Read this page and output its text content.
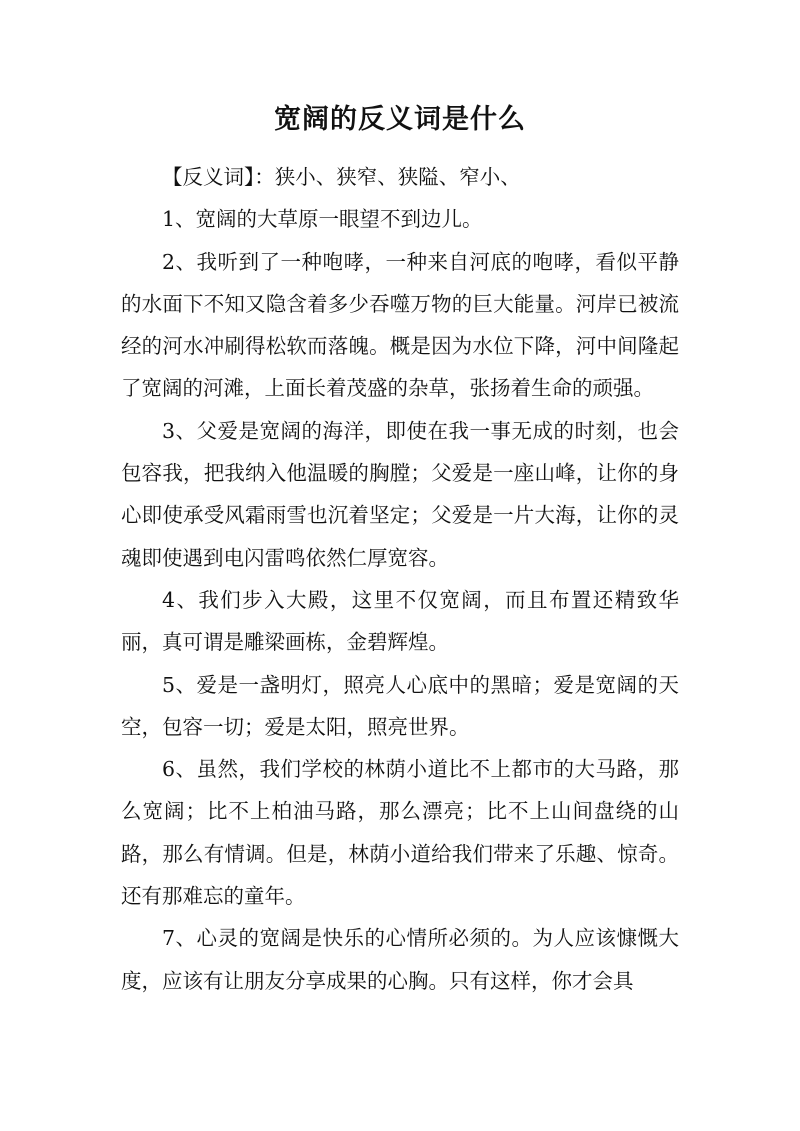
宽阔的反义词是什么

【反义词】：狭小、狭窄、狭隘、窄小、

1、宽阔的大草原一眼望不到边儿。

2、我听到了一种咆哮，一种来自河底的咆哮，看似平静的水面下不知又隐含着多少吞噬万物的巨大能量。河岸已被流经的河水冲刷得松软而落魄。概是因为水位下降，河中间隆起了宽阔的河滩，上面长着茂盛的杂草，张扬着生命的顽强。

3、父爱是宽阔的海洋，即使在我一事无成的时刻，也会包容我，把我纳入他温暖的胸膛；父爱是一座山峰，让你的身心即使承受风霜雨雪也沉着坚定；父爱是一片大海，让你的灵魂即使遇到电闪雷鸣依然仁厚宽容。

4、我们步入大殿，这里不仅宽阔，而且布置还精致华丽，真可谓是雕梁画栋，金碧辉煌。

5、爱是一盏明灯，照亮人心底中的黑暗；爱是宽阔的天空，包容一切；爱是太阳，照亮世界。

6、虽然，我们学校的林荫小道比不上都市的大马路，那么宽阔；比不上柏油马路，那么漂亮；比不上山间盘绕的山路，那么有情调。但是，林荫小道给我们带来了乐趣、惊奇。还有那难忘的童年。

7、心灵的宽阔是快乐的心情所必须的。为人应该慷慨大度，应该有让朋友分享成果的心胸。只有这样，你才会具
